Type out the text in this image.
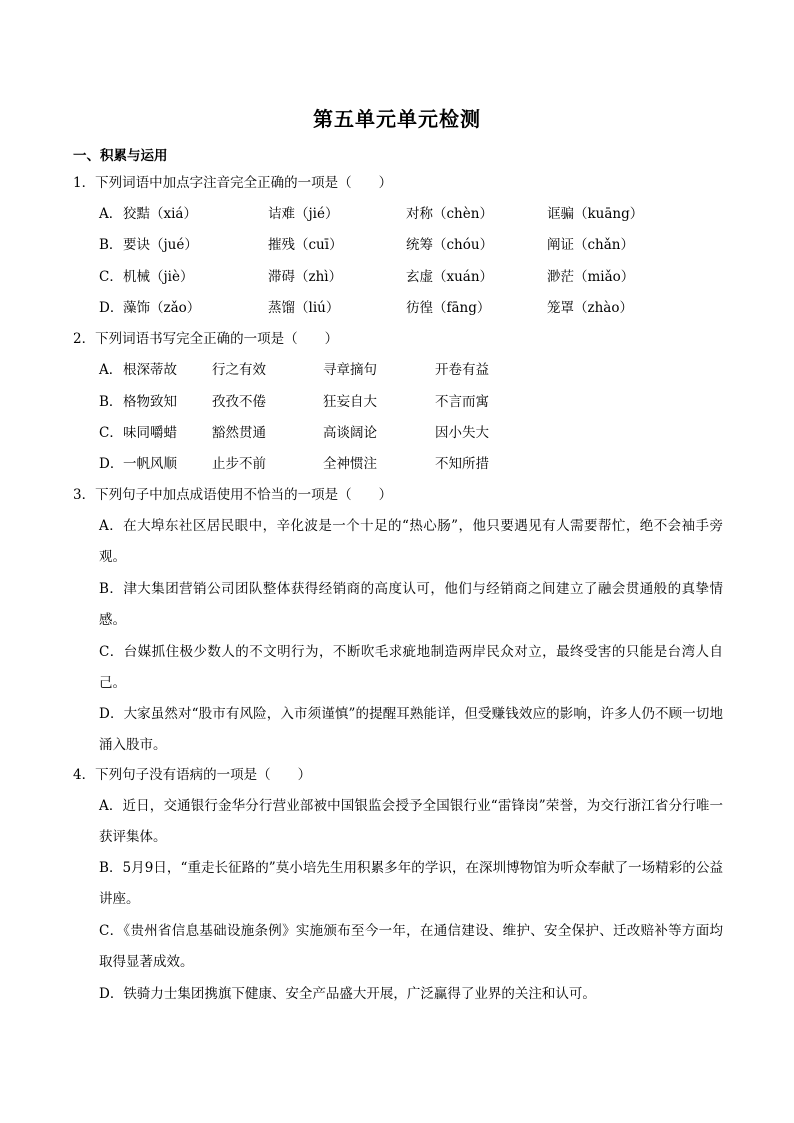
第五单元单元检测
一、积累与运用
1．下列词语中加点字注音完全正确的一项是（　　）
A． 狡黠（xiá）	诘难（jié）	对称（chèn）	诓骗（kuāng）
B． 要诀（jué）	摧残（cuī）	统筹（chóu）	阐证（chǎn）
C． 机械（jiè）	滞碍（zhì）	玄虚（xuán）	渺茫（miǎo）
D． 藻饰（zǎo）	蒸馏（liú）	彷徨（fāng）	笼罩（zhào）
2．下列词语书写完全正确的一项是（　　）
A． 根深蒂故	行之有效	寻章摘句	开卷有益
B． 格物致知	孜孜不倦	狂妄自大	不言而寓
C． 味同嚼蜡	豁然贯通	高谈阔论	因小失大
D． 一帆风顺	止步不前	全神惯注	不知所措
3．下列句子中加点成语使用不恰当的一项是（　　）
A．在大埠东社区居民眼中，辛化波是一个十足的“热心肠”，他只要遇见有人需要帮忙，绝不会袖手旁观。
B．津大集团营销公司团队整体获得经销商的高度认可，他们与经销商之间建立了融会贯通般的真挚情感。
C．台媒抓住极少数人的不文明行为，不断吹毛求疵地制造两岸民众对立，最终受害的只能是台湾人自己。
D．大家虽然对“股市有风险，入市须谨慎”的提醒耳熟能详，但受赚钱效应的影响，许多人仍不顾一切地涌入股市。
4．下列句子没有语病的一项是（　　）
A．近日，交通银行金华分行营业部被中国银监会授予全国银行业“雷锋岗”荣誉，为交行浙江省分行唯一获评集体。
B．5月9日，“重走长征路的”莫小培先生用积累多年的学识，在深圳博物馆为听众奉献了一场精彩的公益讲座。
C．《贵州省信息基础设施条例》实施颁布至今一年，在通信建设、维护、安全保护、迁改赔补等方面均取得显著成效。
D．铁骑力士集团携旗下健康、安全产品盛大开展，广泛赢得了业界的关注和认可。
